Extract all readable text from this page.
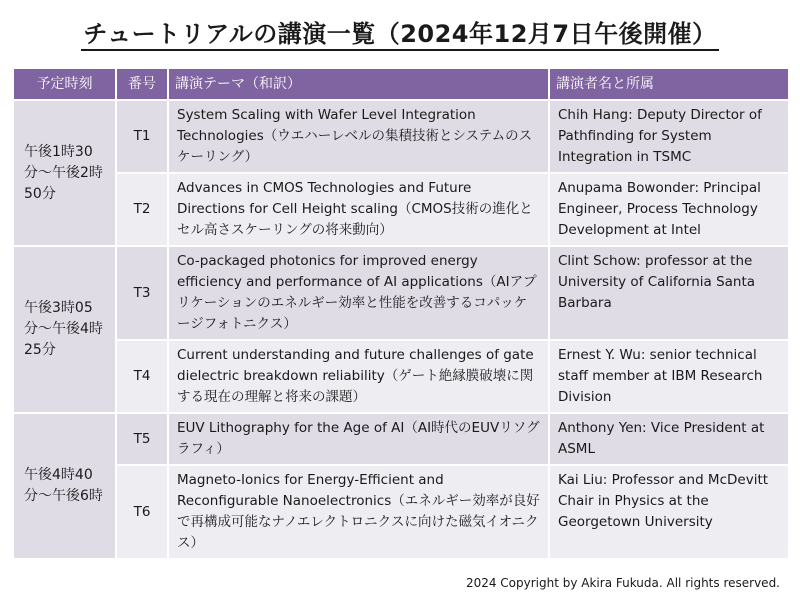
チュートリアルの講演一覧（2024年12月7日午後開催）
予定時刻	番号	講演テーマ（和訳）	講演者名と所属
午後1時30分～午後2時50分	T1	System Scaling with Wafer Level Integration Technologies（ウエハーレベルの集積技術とシステムのスケーリング）	Chih Hang: Deputy Director of Pathfinding for System Integration in TSMC
	T2	Advances in CMOS Technologies and Future Directions for Cell Height scaling（CMOS技術の進化とセル高さスケーリングの将来動向）	Anupama Bowonder: Principal Engineer, Process Technology Development at Intel
午後3時05分～午後4時25分	T3	Co-packaged photonics for improved energy efficiency and performance of AI applications（AIアプリケーションのエネルギー効率と性能を改善するコパッケージフォトニクス）	Clint Schow: professor at the University of California Santa Barbara
	T4	Current understanding and future challenges of gate dielectric breakdown reliability（ゲート絶縁膜破壊に関する現在の理解と将来の課題）	Ernest Y. Wu: senior technical staff member at IBM Research Division
午後4時40分～午後6時	T5	EUV Lithography for the Age of AI（AI時代のEUVリソグラフィ）	Anthony Yen: Vice President at ASML
	T6	Magneto-Ionics for Energy-Efficient and Reconfigurable Nanoelectronics（エネルギー効率が良好で再構成可能なナノエレクトロニクスに向けた磁気イオニクス）	Kai Liu: Professor and McDevitt Chair in Physics at the Georgetown University
2024 Copyright by Akira Fukuda. All rights reserved.
